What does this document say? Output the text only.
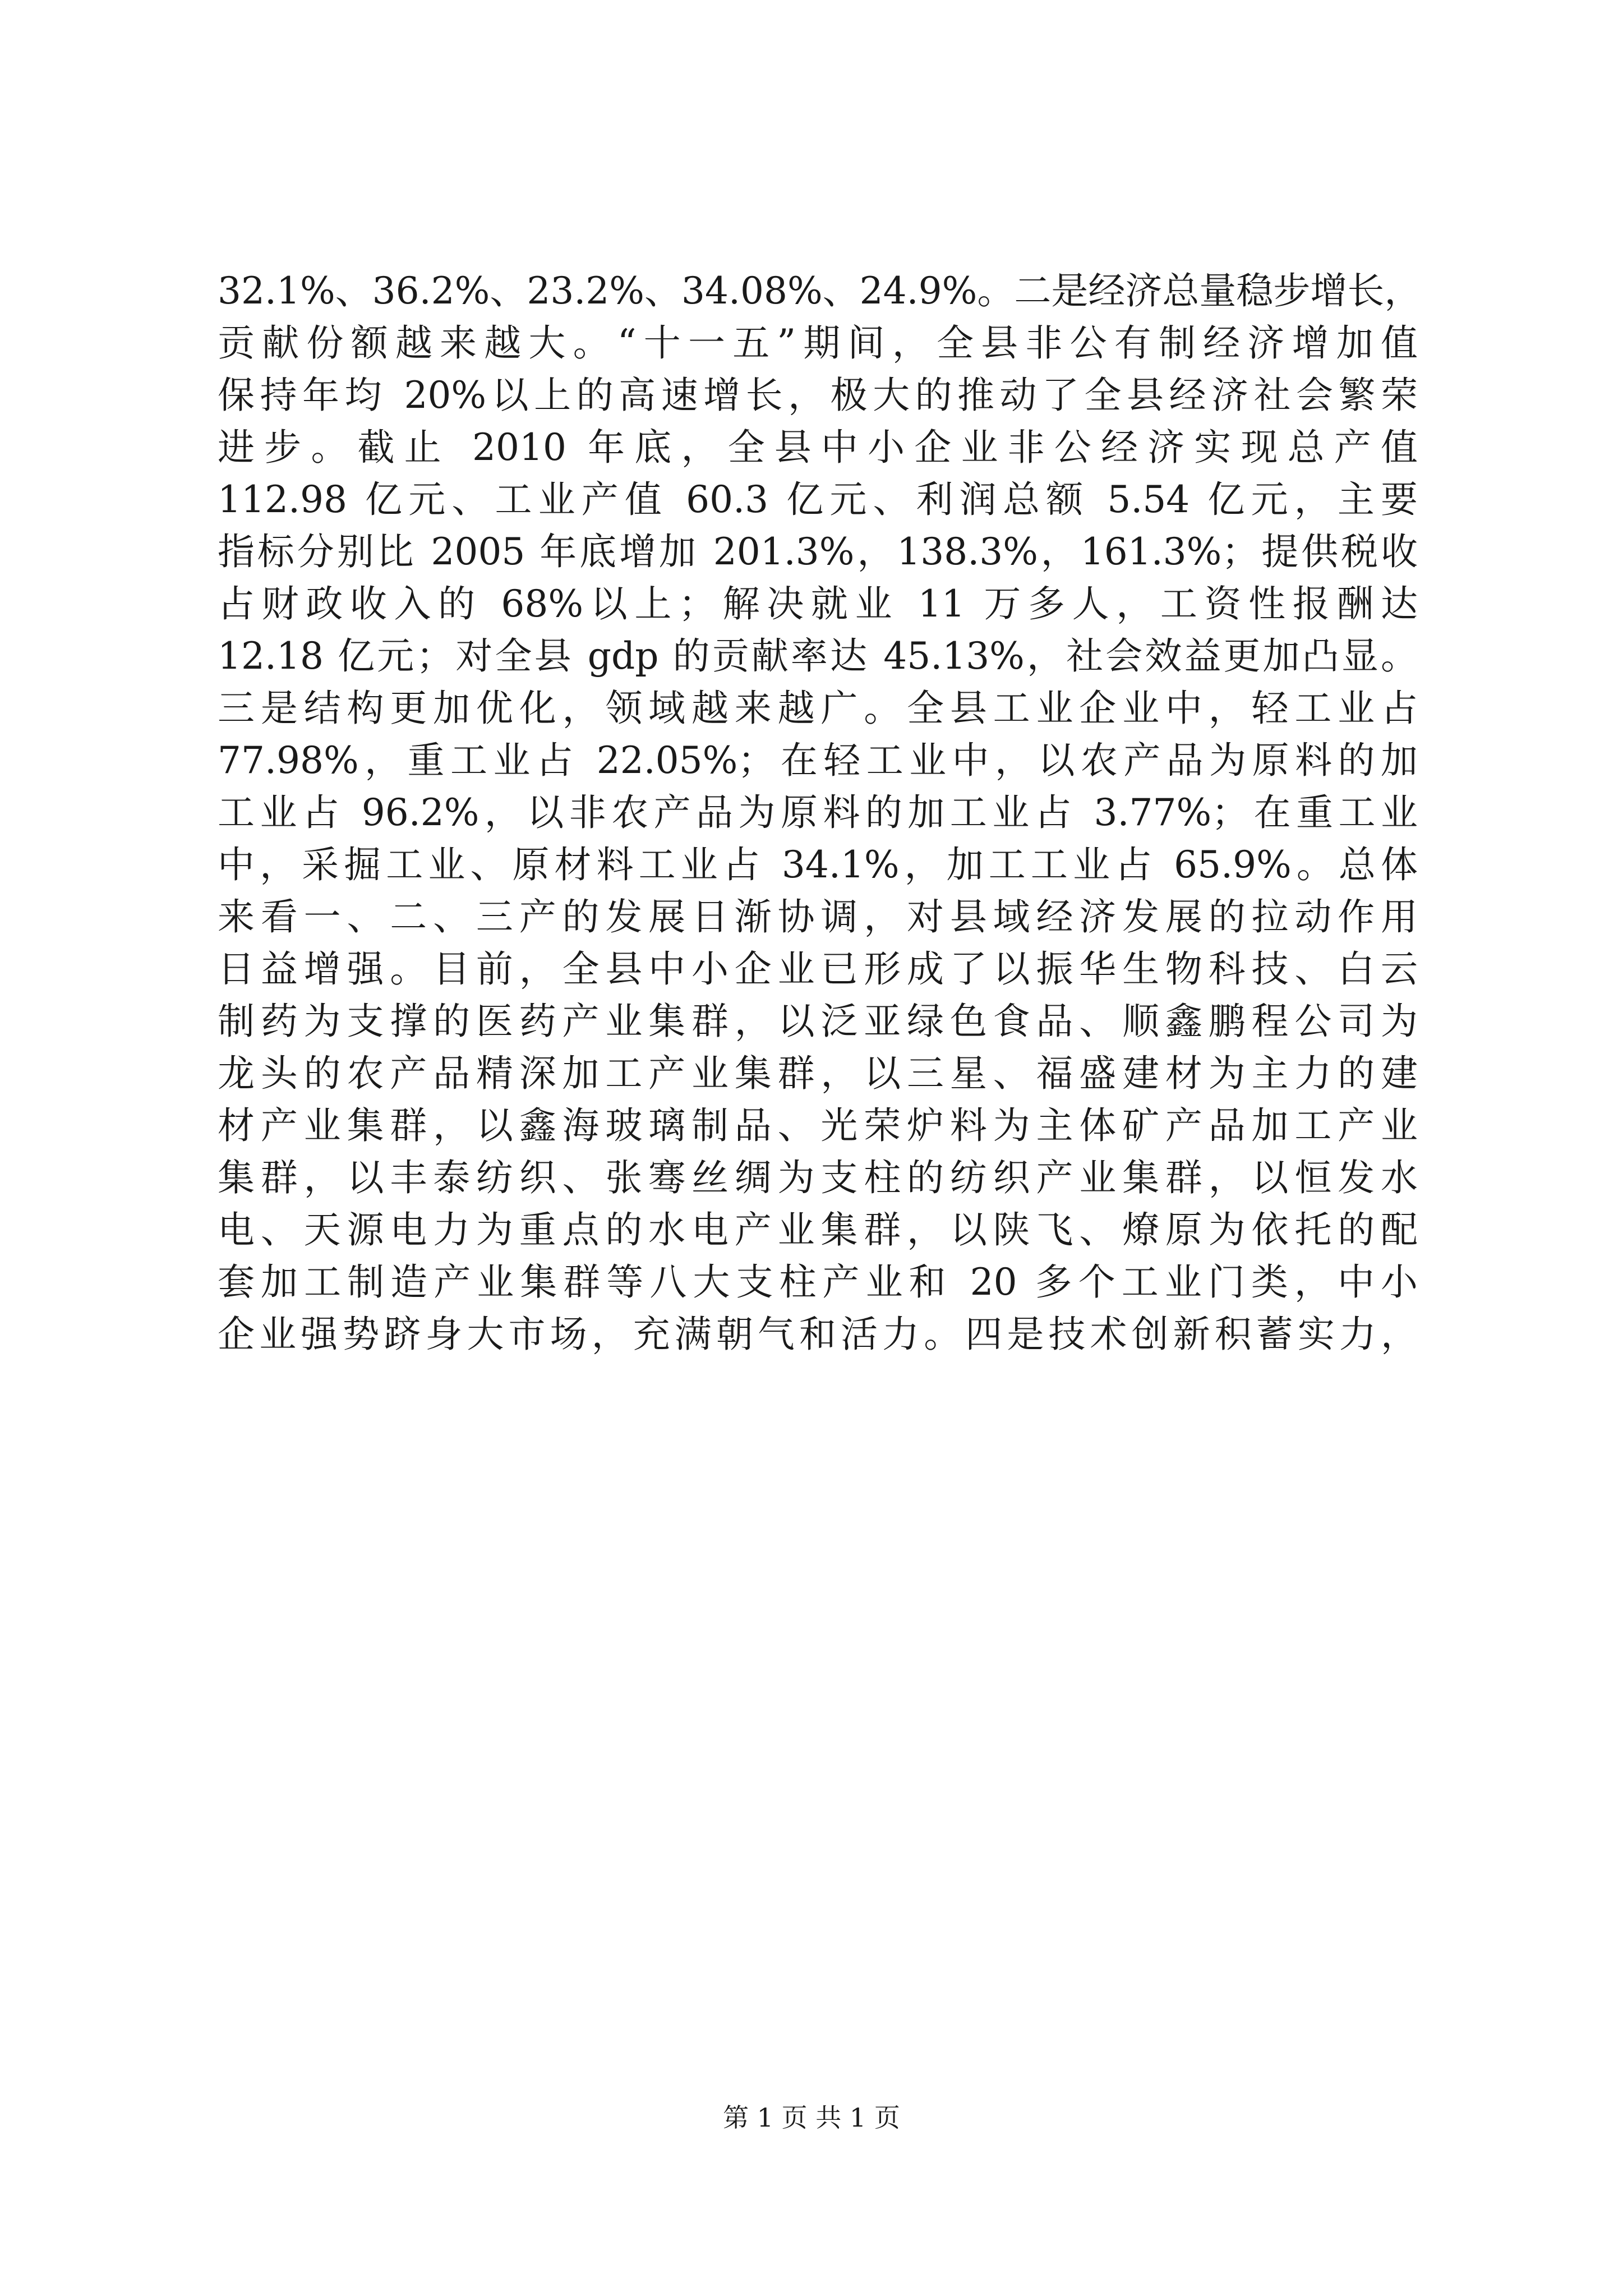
32.1%、36.2%、23.2%、34.08%、24.9%。二是经济总量稳步增长，
贡献份额越来越大。“十一五”期间，全县非公有制经济增加值
保持年均 20%以上的高速增长，极大的推动了全县经济社会繁荣
进步。截止 2010 年底，全县中小企业非公经济实现总产值
112.98 亿元、工业产值 60.3 亿元、利润总额 5.54 亿元，主要
指标分别比 2005 年底增加 201.3%，138.3%，161.3%；提供税收
占财政收入的 68%以上；解决就业 11 万多人，工资性报酬达
12.18 亿元；对全县 gdp 的贡献率达 45.13%，社会效益更加凸显。
三是结构更加优化，领域越来越广。全县工业企业中，轻工业占
77.98%，重工业占 22.05%；在轻工业中，以农产品为原料的加
工业占 96.2%，以非农产品为原料的加工业占 3.77%；在重工业
中，采掘工业、原材料工业占 34.1%，加工工业占 65.9%。总体
来看一、二、三产的发展日渐协调，对县域经济发展的拉动作用
日益增强。目前，全县中小企业已形成了以振华生物科技、白云
制药为支撑的医药产业集群，以泛亚绿色食品、顺鑫鹏程公司为
龙头的农产品精深加工产业集群，以三星、福盛建材为主力的建
材产业集群，以鑫海玻璃制品、光荣炉料为主体矿产品加工产业
集群，以丰泰纺织、张骞丝绸为支柱的纺织产业集群，以恒发水
电、天源电力为重点的水电产业集群，以陕飞、燎原为依托的配
套加工制造产业集群等八大支柱产业和 20 多个工业门类，中小
企业强势跻身大市场，充满朝气和活力。四是技术创新积蓄实力，
第 1 页 共 1 页
